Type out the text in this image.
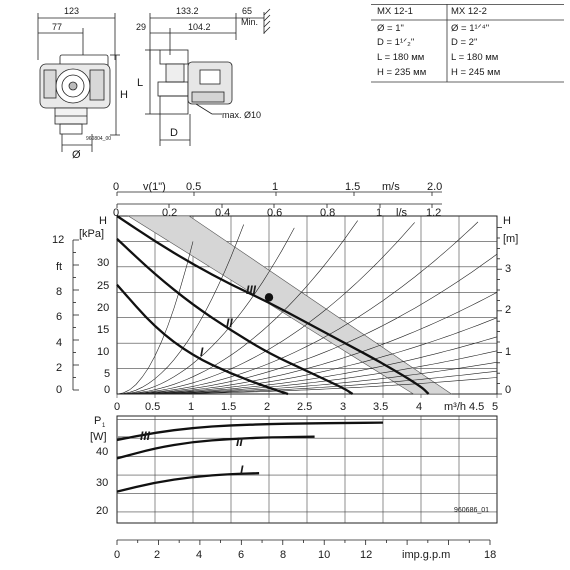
123
77
133.2
29	104.2
65
Min.
H
L
D
Ø
max. Ø10
960804_00
0 v(1") 0.5	1	1.5 m/s 2.0
0	0.2	0.4	0.6	0.8	1 l/s 1.2
H
[kPa]
30
25
20
15
10
5
0
12
ft
8
6
4
2
0
H
[m]
3
2
1
0
0 0.5	1 1.5	2 2.5	3 3.5	4 m³/h 4.5 5
I
II
III
P 1
[W]
40
30
20
III	II
I
960686_01
0	2	4	6	8	10	12	imp.g.p.m	18
MX 12-1	MX 12-2
Ø = 1"	Ø = 1¹ᐟ⁴"
D = 1¹ᐟ₂"	D = 2"
L = 180 мм	L = 180 мм
H = 235 мм	H = 245 мм
